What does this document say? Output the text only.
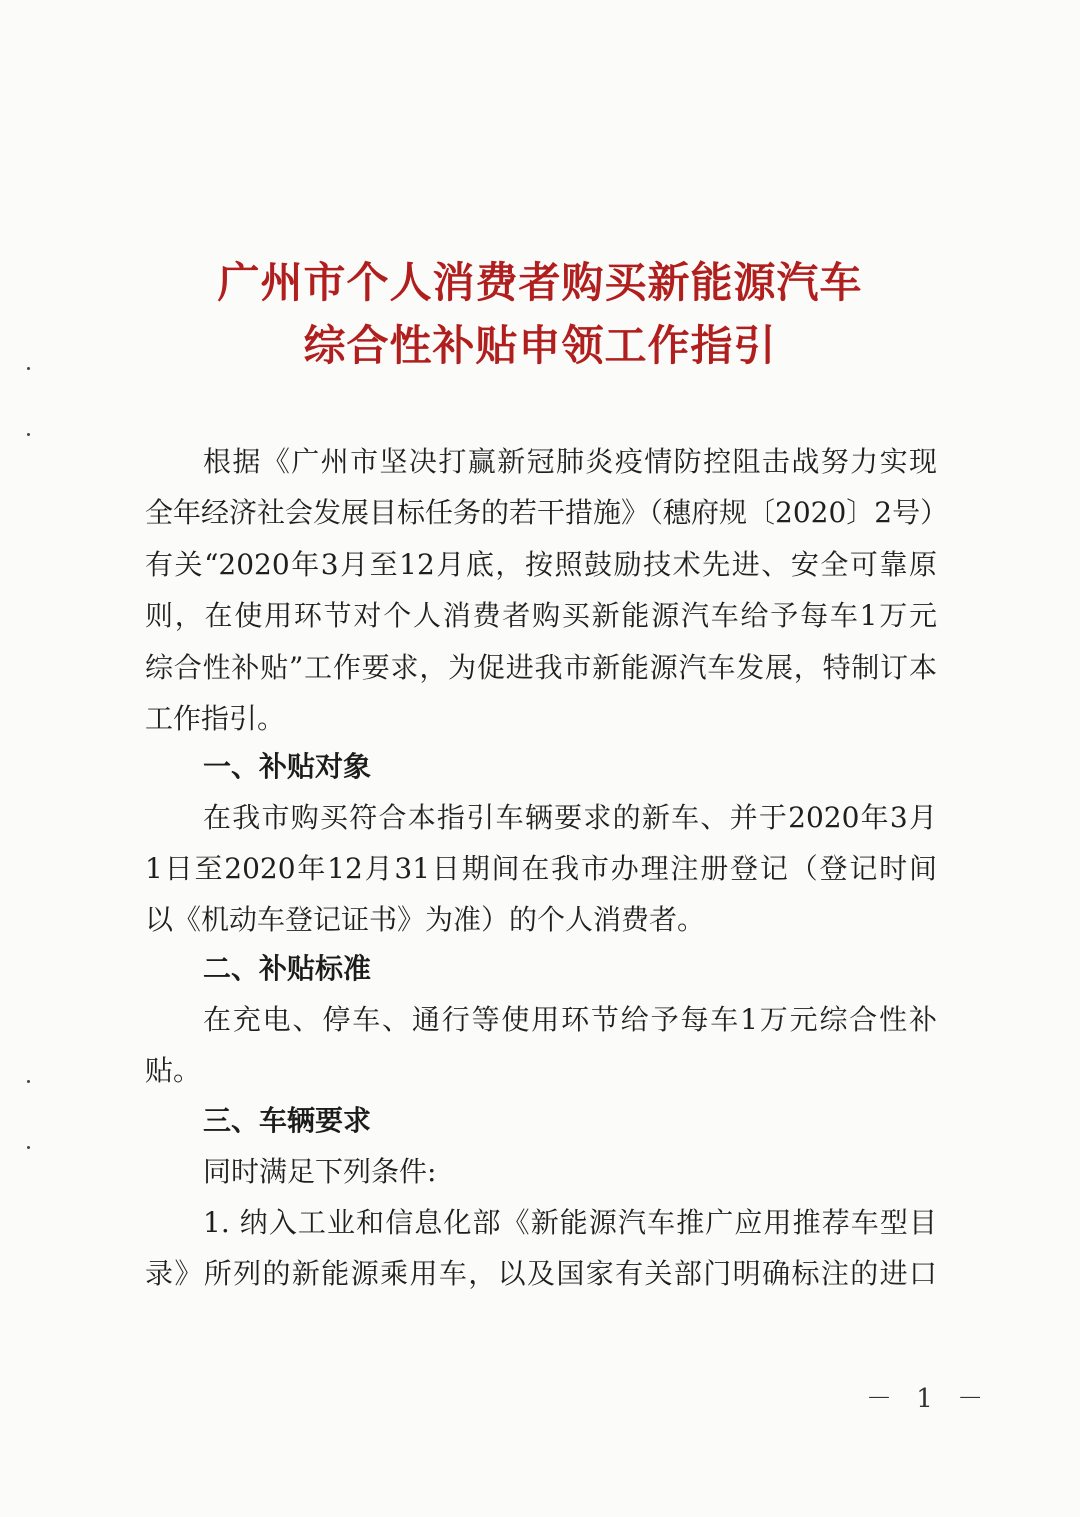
广州市个人消费者购买新能源汽车
综合性补贴申领工作指引

根据《广州市坚决打赢新冠肺炎疫情防控阻击战努力实现

全年经济社会发展目标任务的若干措施》（穗府规〔2020〕2号）

有关“2020年3月至12月底，按照鼓励技术先进、安全可靠原

则，在使用环节对个人消费者购买新能源汽车给予每车1万元

综合性补贴”工作要求，为促进我市新能源汽车发展，特制订本

工作指引。

一、补贴对象

在我市购买符合本指引车辆要求的新车、并于2020年3月

1日至2020年12月31日期间在我市办理注册登记（登记时间

以《机动车登记证书》为准）的个人消费者。

二、补贴标准

在充电、停车、通行等使用环节给予每车1万元综合性补

贴。

三、车辆要求

同时满足下列条件:

1. 纳入工业和信息化部《新能源汽车推广应用推荐车型目

录》所列的新能源乘用车，以及国家有关部门明确标注的进口

－ 1 －
